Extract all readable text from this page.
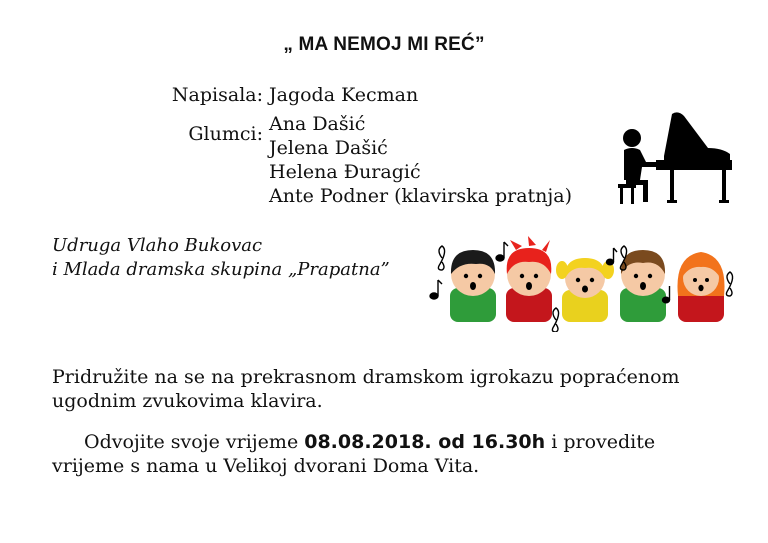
„ MA NEMOJ MI REĆ”
Napisala: Jagoda Kecman
Glumci: Ana Dašić
Jelena Dašić
Helena Đuragić
Ante Podner (klavirska pratnja)
Udruga Vlaho Bukovac
i Mlada dramska skupina „Prapatna”
Pridružite na se na prekrasnom dramskom igrokazu popraćenom ugodnim zvukovima klavira.
Odvojite svoje vrijeme 08.08.2018. od 16.30h i provedite vrijeme s nama u Velikoj dvorani Doma Vita.
